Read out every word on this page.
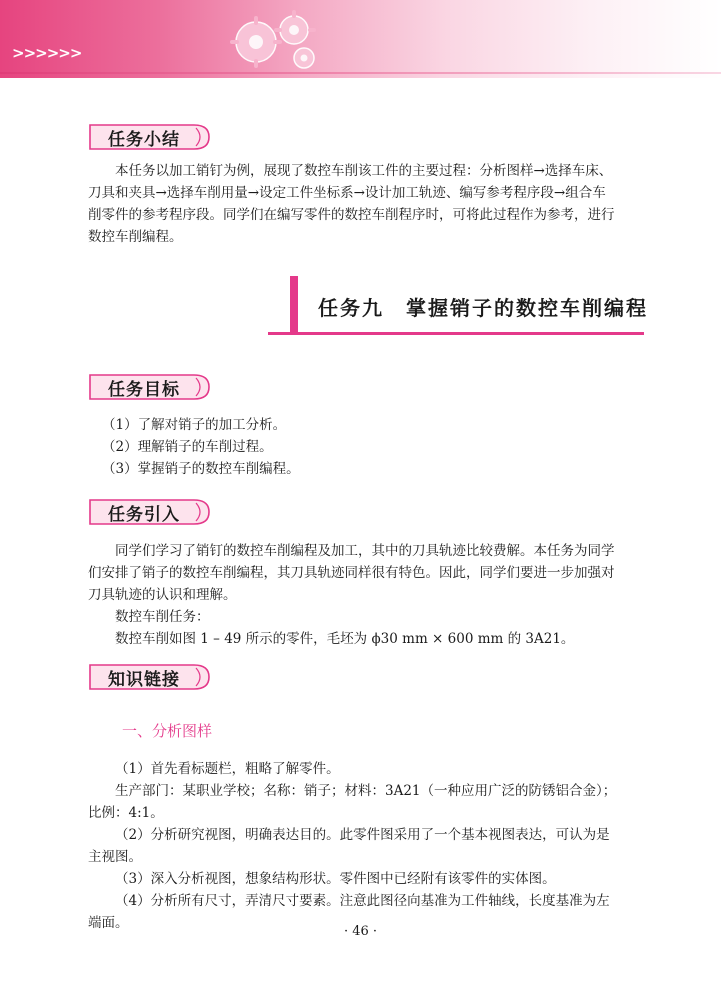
>>>>>>
任务小结

本任务以加工销钉为例，展现了数控车削该工件的主要过程：分析图样→选择车床、

刀具和夹具→选择车削用量→设定工件坐标系→设计加工轨迹、编写参考程序段→组合车

削零件的参考程序段。同学们在编写零件的数控车削程序时，可将此过程作为参考，进行

数控车削编程。

任务九　掌握销子的数控车削编程
任务目标
（1）了解对销子的加工分析。
（2）理解销子的车削过程。
（3）掌握销子的数控车削编程。
任务引入

同学们学习了销钉的数控车削编程及加工，其中的刀具轨迹比较费解。本任务为同学

们安排了销子的数控车削编程，其刀具轨迹同样很有特色。因此，同学们要进一步加强对

刀具轨迹的认识和理解。

数控车削任务：

数控车削如图 1 – 49 所示的零件，毛坯为 ϕ30 mm × 600 mm 的 3A21。

知识链接
一、分析图样

（1）首先看标题栏，粗略了解零件。

生产部门：某职业学校；名称：销子；材料：3A21（一种应用广泛的防锈铝合金）；

比例：4:1。

（2）分析研究视图，明确表达目的。此零件图采用了一个基本视图表达，可认为是

主视图。

（3）深入分析视图，想象结构形状。零件图中已经附有该零件的实体图。

（4）分析所有尺寸，弄清尺寸要素。注意此图径向基准为工件轴线，长度基准为左

端面。

· 46 ·
